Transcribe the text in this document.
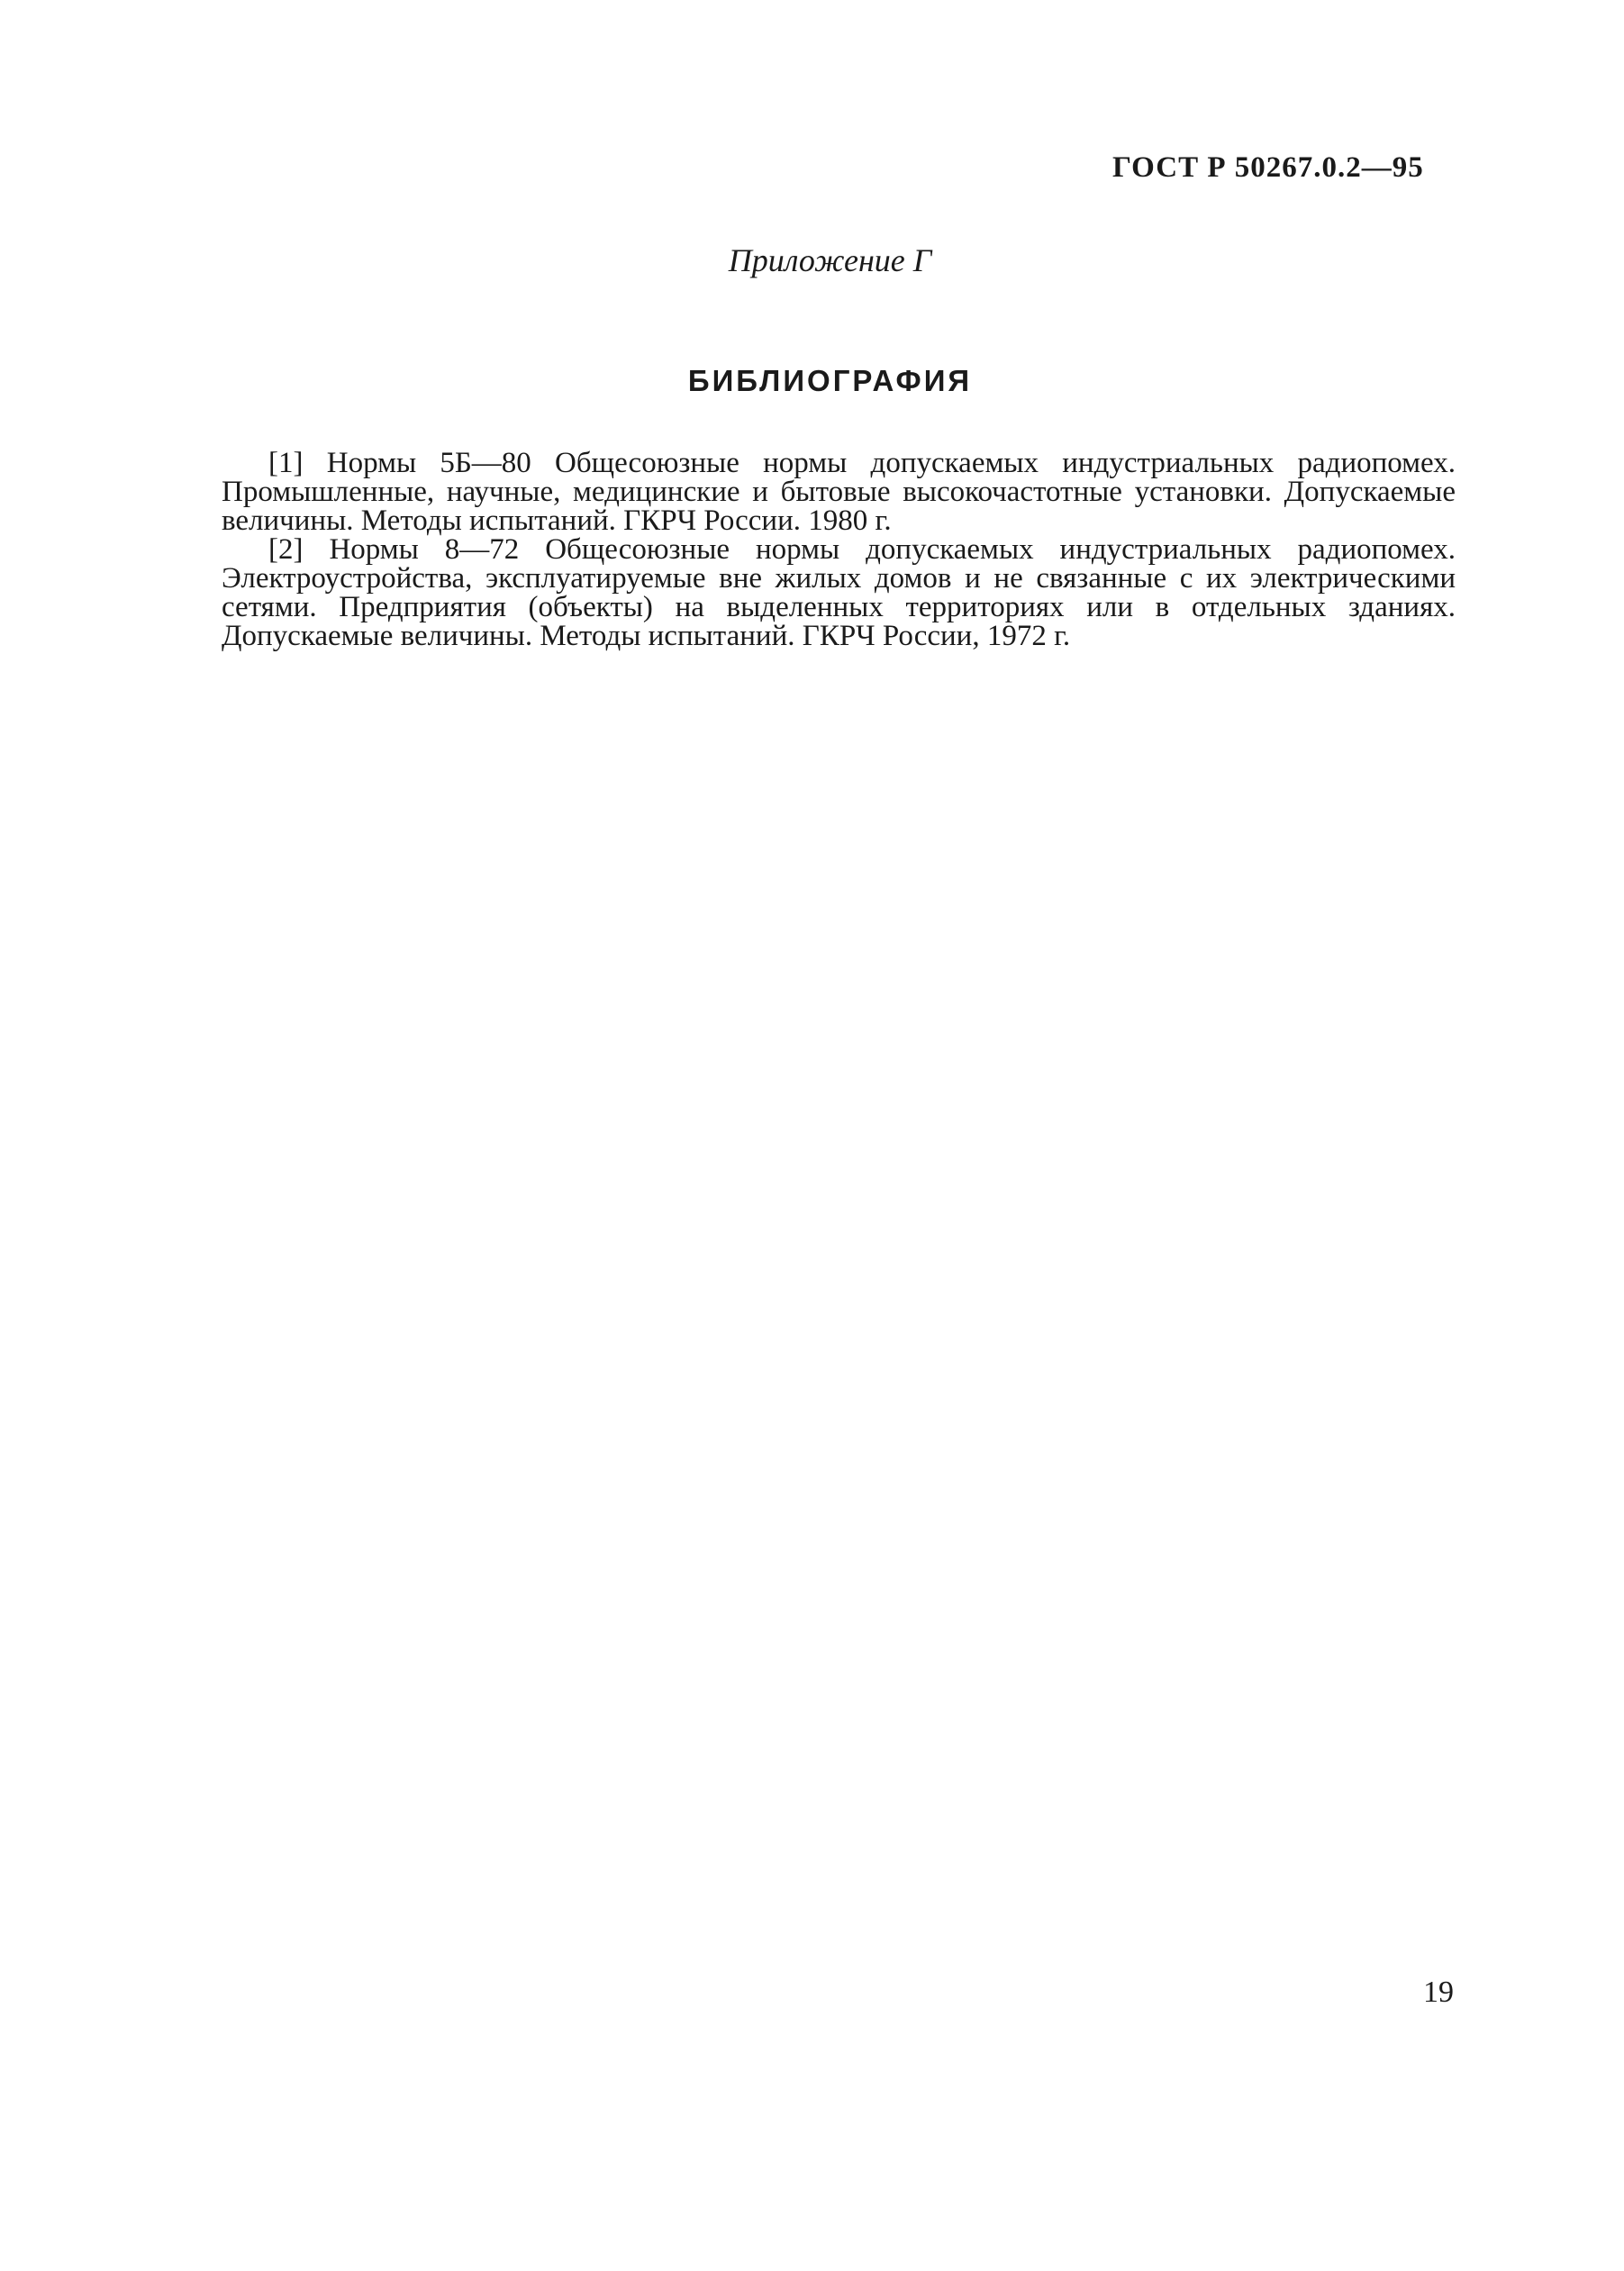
ГОСТ Р 50267.0.2—95
Приложение Г
БИБЛИОГРАФИЯ

[1] Нормы 5Б—80 Общесоюзные нормы допускаемых индустриальных радиопомех. Промышленные, научные, медицинские и бытовые высокочастотные установки. Допускаемые величины. Методы испытаний. ГКРЧ России. 1980 г.

[2] Нормы 8—72 Общесоюзные нормы допускаемых индустриальных радиопомех. Электроустройства, эксплуатируемые вне жилых домов и не связанные с их электрическими сетями. Предприятия (объекты) на выделенных территориях или в отдельных зданиях. Допускаемые величины. Методы испытаний. ГКРЧ России, 1972 г.

19
